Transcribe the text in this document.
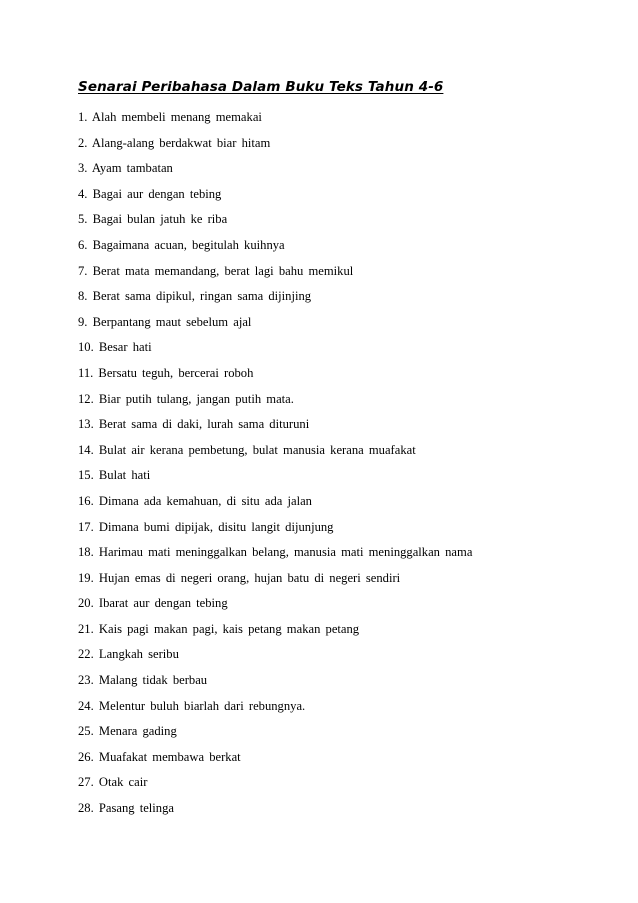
Senarai Peribahasa Dalam Buku Teks Tahun 4-6
1. Alah membeli menang memakai
2. Alang-alang berdakwat biar hitam
3. Ayam tambatan
4. Bagai aur dengan tebing
5. Bagai bulan jatuh ke riba
6. Bagaimana acuan, begitulah kuihnya
7. Berat mata memandang, berat lagi bahu memikul
8. Berat sama dipikul, ringan sama dijinjing
9. Berpantang maut sebelum ajal
10. Besar hati
11. Bersatu teguh, bercerai roboh
12. Biar putih tulang, jangan putih mata.
13. Berat sama di daki, lurah sama dituruni
14. Bulat air kerana pembetung, bulat manusia kerana muafakat
15. Bulat hati
16. Dimana ada kemahuan, di situ ada jalan
17. Dimana bumi dipijak, disitu langit dijunjung
18. Harimau mati meninggalkan belang, manusia mati meninggalkan nama
19. Hujan emas di negeri orang, hujan batu di negeri sendiri
20. Ibarat aur dengan tebing
21. Kais pagi makan pagi, kais petang makan petang
22. Langkah seribu
23. Malang tidak berbau
24. Melentur buluh biarlah dari rebungnya.
25. Menara gading
26. Muafakat membawa berkat
27. Otak cair
28. Pasang telinga
